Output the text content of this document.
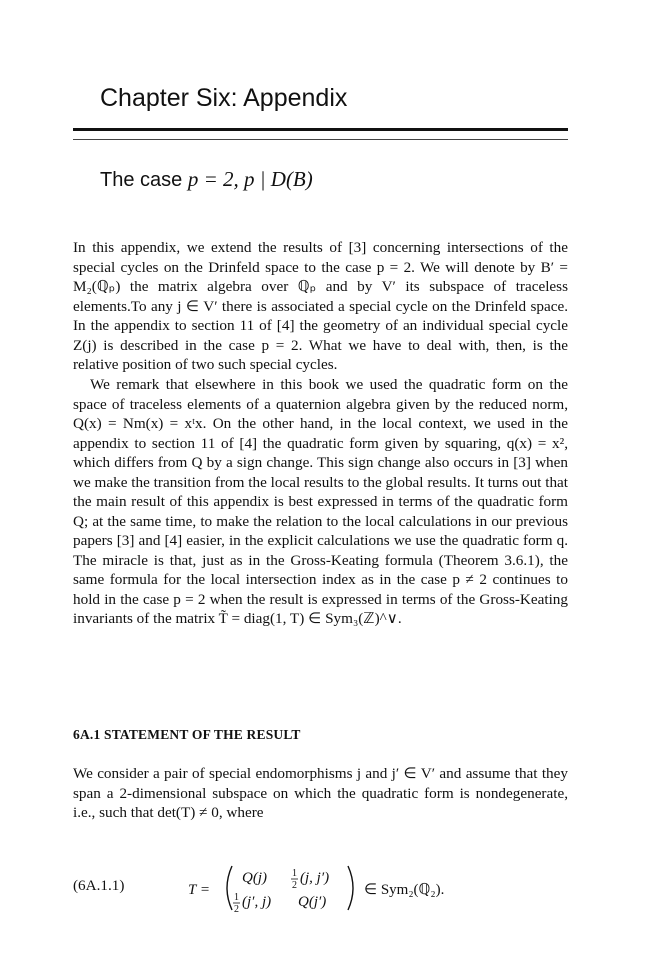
Chapter Six: Appendix
The case p = 2, p | D(B)

In this appendix, we extend the results of [3] concerning intersections of the special cycles on the Drinfeld space to the case p = 2. We will denote by B′ = M₂(ℚₚ) the matrix algebra over ℚₚ and by V′ its subspace of traceless elements.To any j ∈ V′ there is associated a special cycle on the Drinfeld space. In the appendix to section 11 of [4] the geometry of an individual special cycle Z(j) is described in the case p = 2. What we have to deal with, then, is the relative position of two such special cycles.

We remark that elsewhere in this book we used the quadratic form on the space of traceless elements of a quaternion algebra given by the reduced norm, Q(x) = Nm(x) = xᵗx. On the other hand, in the local context, we used in the appendix to section 11 of [4] the quadratic form given by squaring, q(x) = x², which differs from Q by a sign change. This sign change also occurs in [3] when we make the transition from the local results to the global results. It turns out that the main result of this appendix is best expressed in terms of the quadratic form Q; at the same time, to make the relation to the local calculations in our previous papers [3] and [4] easier, in the explicit calculations we use the quadratic form q. The miracle is that, just as in the Gross-Keating formula (Theorem 3.6.1), the same formula for the local intersection index as in the case p ≠ 2 continues to hold in the case p = 2 when the result is expressed in terms of the Gross-Keating invariants of the matrix T̃ = diag(1, T) ∈ Sym₃(ℤ)^∨.

6A.1 STATEMENT OF THE RESULT

We consider a pair of special endomorphisms j and j′ ∈ V′ and assume that they span a 2-dimensional subspace on which the quadratic form is nondegenerate, i.e., such that det(T) ≠ 0, where

(6A.1.1)	T =
Q(j)	1
2 (j, j′)
1
2 (j′, j) Q(j′)
∈ Sym₂(ℚ₂).
